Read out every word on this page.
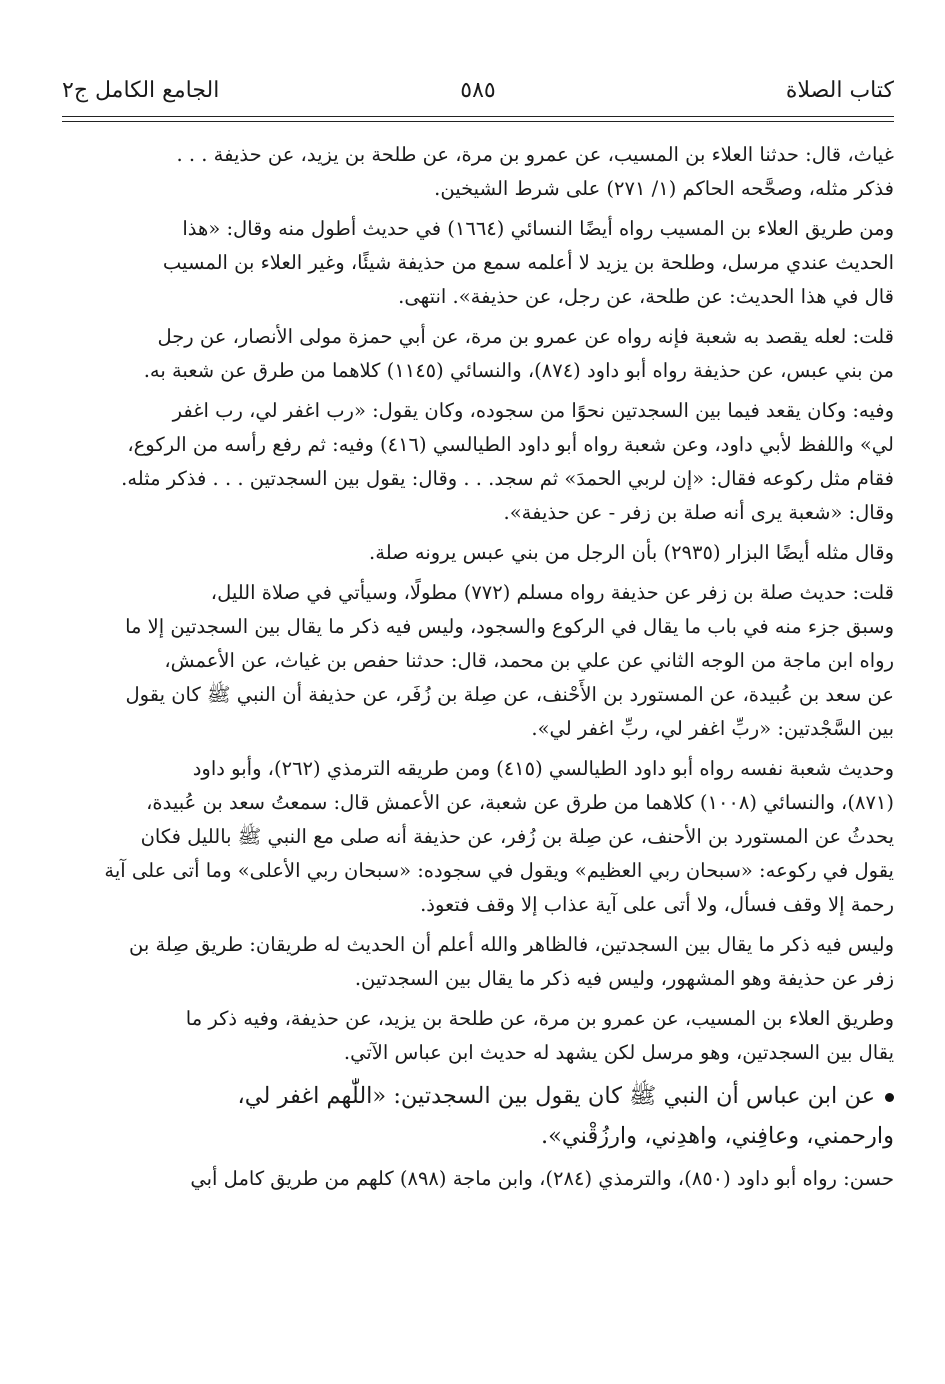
كتاب الصلاة
٥٨٥
الجامع الكامل ج٢
غياث، قال: حدثنا العلاء بن المسيب، عن عمرو بن مرة، عن طلحة بن يزيد، عن حذيفة . . .
فذكر مثله، وصحَّحه الحاكم (١/ ٢٧١) على شرط الشيخين.
ومن طريق العلاء بن المسيب رواه أيضًا النسائي (١٦٦٤) في حديث أطول منه وقال: «هذا
الحديث عندي مرسل، وطلحة بن يزيد لا أعلمه سمع من حذيفة شيئًا، وغير العلاء بن المسيب
قال في هذا الحديث: عن طلحة، عن رجل، عن حذيفة». انتهى.
قلت: لعله يقصد به شعبة فإنه رواه عن عمرو بن مرة، عن أبي حمزة مولى الأنصار، عن رجل
من بني عبس، عن حذيفة رواه أبو داود (٨٧٤)، والنسائي (١١٤٥) كلاهما من طرق عن شعبة به.
وفيه: وكان يقعد فيما بين السجدتين نحوًا من سجوده، وكان يقول: «رب اغفر لي، رب اغفر
لي» واللفظ لأبي داود، وعن شعبة رواه أبو داود الطيالسي (٤١٦) وفيه: ثم رفع رأسه من الركوع،
فقام مثل ركوعه فقال: «إن لربي الحمدَ» ثم سجد. . . وقال: يقول بين السجدتين . . . فذكر مثله.
وقال: «شعبة يرى أنه صلة بن زفر - عن حذيفة».
وقال مثله أيضًا البزار (٢٩٣٥) بأن الرجل من بني عبس يرونه صلة.
قلت: حديث صلة بن زفر عن حذيفة رواه مسلم (٧٧٢) مطولًا، وسيأتي في صلاة الليل،
وسبق جزء منه في باب ما يقال في الركوع والسجود، وليس فيه ذكر ما يقال بين السجدتين إلا ما
رواه ابن ماجة من الوجه الثاني عن علي بن محمد، قال: حدثنا حفص بن غياث، عن الأعمش،
عن سعد بن عُبيدة، عن المستورد بن الأَحْنف، عن صِلة بن زُفَر، عن حذيفة أن النبي ﷺ كان يقول
بين السَّجْدتين: «ربِّ اغفر لي، ربِّ اغفر لي».
وحديث شعبة نفسه رواه أبو داود الطيالسي (٤١٥) ومن طريقه الترمذي (٢٦٢)، وأبو داود
(٨٧١)، والنسائي (١٠٠٨) كلاهما من طرق عن شعبة، عن الأعمش قال: سمعتُ سعد بن عُبيدة،
يحدثُ عن المستورد بن الأحنف، عن صِلة بن زُفر، عن حذيفة أنه صلى مع النبي ﷺ بالليل فكان
يقول في ركوعه: «سبحان ربي العظيم» ويقول في سجوده: «سبحان ربي الأعلى» وما أتى على آية
رحمة إلا وقف فسأل، ولا أتى على آية عذاب إلا وقف فتعوذ.
وليس فيه ذكر ما يقال بين السجدتين، فالظاهر والله أعلم أن الحديث له طريقان: طريق صِلة بن
زفر عن حذيفة وهو المشهور، وليس فيه ذكر ما يقال بين السجدتين.
وطريق العلاء بن المسيب، عن عمرو بن مرة، عن طلحة بن يزيد، عن حذيفة، وفيه ذكر ما
يقال بين السجدتين، وهو مرسل لكن يشهد له حديث ابن عباس الآتي.
عن ابن عباس أن النبي ﷺ كان يقول بين السجدتين: «اللّٰهم اغفر لي،
وارحمني، وعافِني، واهدِني، وارزُقْني».
حسن: رواه أبو داود (٨٥٠)، والترمذي (٢٨٤)، وابن ماجة (٨٩٨) كلهم من طريق كامل أبي
